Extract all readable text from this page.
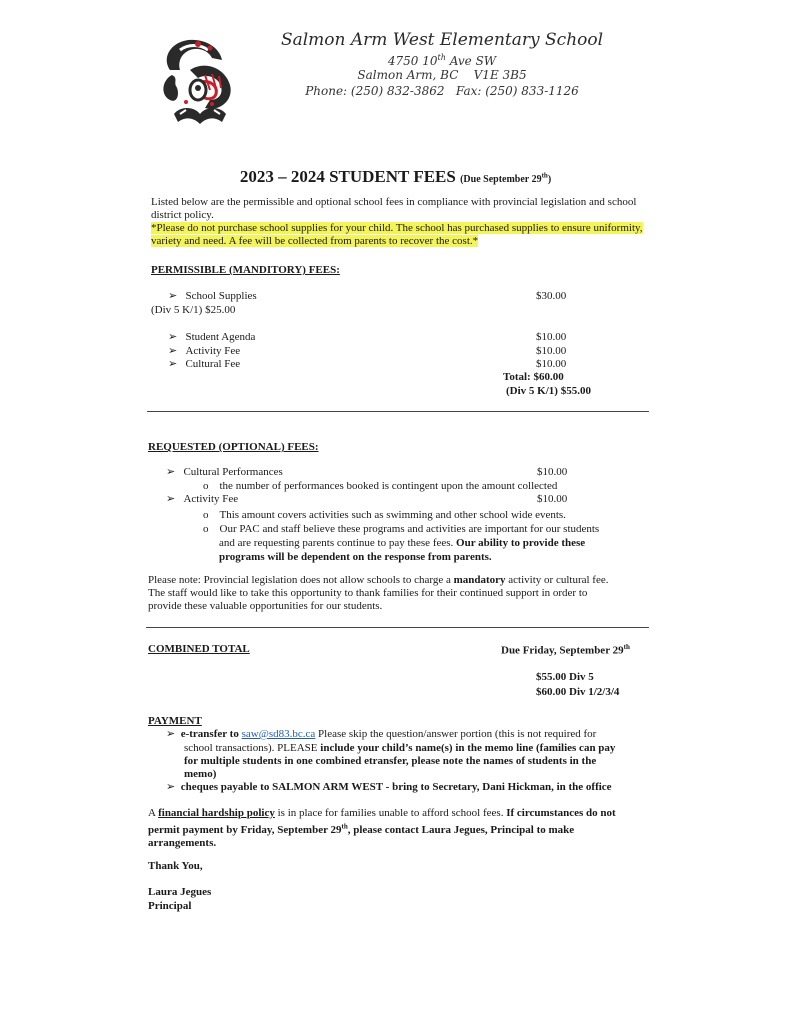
Salmon Arm West Elementary School
4750 10th Ave SW
Salmon Arm, BC    V1E 3B5
Phone: (250) 832-3862   Fax: (250) 833-1126
2023 – 2024 STUDENT FEES (Due September 29th)
Listed below are the permissible and optional school fees in compliance with provincial legislation and school district policy.
*Please do not purchase school supplies for your child. The school has purchased supplies to ensure uniformity, variety and need. A fee will be collected from parents to recover the cost.*
PERMISSIBLE (MANDITORY) FEES:
➢   School Supplies	$30.00
(Div 5 K/1) $25.00
➢   Student Agenda	$10.00
➢   Activity Fee	$10.00
➢   Cultural Fee	$10.00
Total: $60.00
(Div 5 K/1) $55.00
REQUESTED (OPTIONAL) FEES:
➢   Cultural Performances	$10.00
o    the number of performances booked is contingent upon the amount collected
➢   Activity Fee	$10.00
o    This amount covers activities such as swimming and other school wide events.
o    Our PAC and staff believe these programs and activities are important for our students
and are requesting parents continue to pay these fees. Our ability to provide these
programs will be dependent on the response from parents.
Please note: Provincial legislation does not allow schools to charge a mandatory activity or cultural fee.
The staff would like to take this opportunity to thank families for their continued support in order to
provide these valuable opportunities for our students.
COMBINED TOTAL	Due Friday, September 29th
$55.00 Div 5
$60.00 Div 1/2/3/4
PAYMENT
➢  e-transfer to saw@sd83.bc.ca Please skip the question/answer portion (this is not required for
school transactions). PLEASE include your child’s name(s) in the memo line (families can pay
for multiple students in one combined etransfer, please note the names of students in the
memo)
➢  cheques payable to SALMON ARM WEST - bring to Secretary, Dani Hickman, in the office
A financial hardship policy is in place for families unable to afford school fees. If circumstances do not
permit payment by Friday, September 29th, please contact Laura Jegues, Principal to make
arrangements.
Thank You,
Laura Jegues
Principal
